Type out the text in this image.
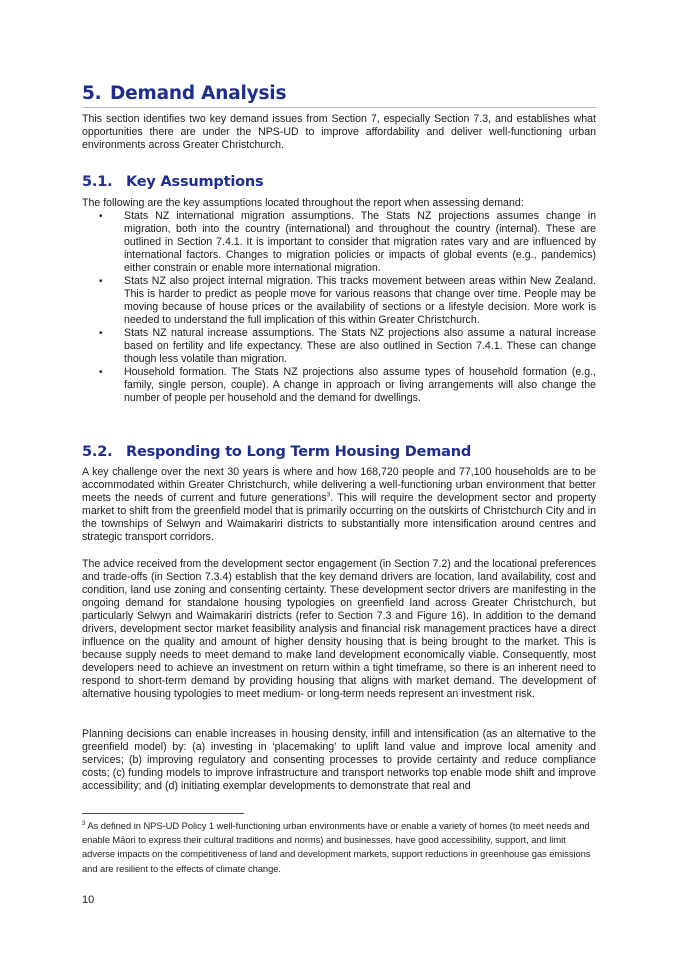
5. Demand Analysis

This section identifies two key demand issues from Section 7, especially Section 7.3, and establishes what opportunities there are under the NPS-UD to improve affordability and deliver well-functioning urban environments across Greater Christchurch.

5.1. Key Assumptions

The following are the key assumptions located throughout the report when assessing demand:

• Stats NZ international migration assumptions. The Stats NZ projections assumes change in migration, both into the country (international) and throughout the country (internal). These are outlined in Section 7.4.1. It is important to consider that migration rates vary and are influenced by international factors. Changes to migration policies or impacts of global events (e.g., pandemics) either constrain or enable more international migration.
• Stats NZ also project internal migration. This tracks movement between areas within New Zealand. This is harder to predict as people move for various reasons that change over time. People may be moving because of house prices or the availability of sections or a lifestyle decision. More work is needed to understand the full implication of this within Greater Christchurch.
• Stats NZ natural increase assumptions. The Stats NZ projections also assume a natural increase based on fertility and life expectancy. These are also outlined in Section 7.4.1. These can change though less volatile than migration.
• Household formation. The Stats NZ projections also assume types of household formation (e.g., family, single person, couple). A change in approach or living arrangements will also change the number of people per household and the demand for dwellings.
5.2. Responding to Long Term Housing Demand

A key challenge over the next 30 years is where and how 168,720 people and 77,100 households are to be accommodated within Greater Christchurch, while delivering a well-functioning urban environment that better meets the needs of current and future generations$^3$. This will require the development sector and property market to shift from the greenfield model that is primarily occurring on the outskirts of Christchurch City and in the townships of Selwyn and Waimakariri districts to substantially more intensification around centres and strategic transport corridors.

The advice received from the development sector engagement (in Section 7.2) and the locational preferences and trade-offs (in Section 7.3.4) establish that the key demand drivers are location, land availability, cost and condition, land use zoning and consenting certainty. These development sector drivers are manifesting in the ongoing demand for standalone housing typologies on greenfield land across Greater Christchurch, but particularly Selwyn and Waimakariri districts (refer to Section 7.3 and Figure 16). In addition to the demand drivers, development sector market feasibility analysis and financial risk management practices have a direct influence on the quality and amount of higher density housing that is being brought to the market. This is because supply needs to meet demand to make land development economically viable. Consequently, most developers need to achieve an investment on return within a tight timeframe, so there is an inherent need to respond to short-term demand by providing housing that aligns with market demand. The development of alternative housing typologies to meet medium- or long-term needs represent an investment risk.

Planning decisions can enable increases in housing density, infill and intensification (as an alternative to the greenfield model) by: (a) investing in ‘placemaking’ to uplift land value and improve local amenity and services; (b) improving regulatory and consenting processes to provide certainty and reduce compliance costs; (c) funding models to improve infrastructure and transport networks top enable mode shift and improve accessibility; and (d) initiating exemplar developments to demonstrate that real and

$^3$ As defined in NPS-UD Policy 1 well-functioning urban environments have or enable a variety of homes (to meet needs and enable Māori to express their cultural traditions and norms) and businesses, have good accessibility, support, and limit adverse impacts on the competitiveness of land and development markets, support reductions in greenhouse gas emissions and are resilient to the effects of climate change.

10
